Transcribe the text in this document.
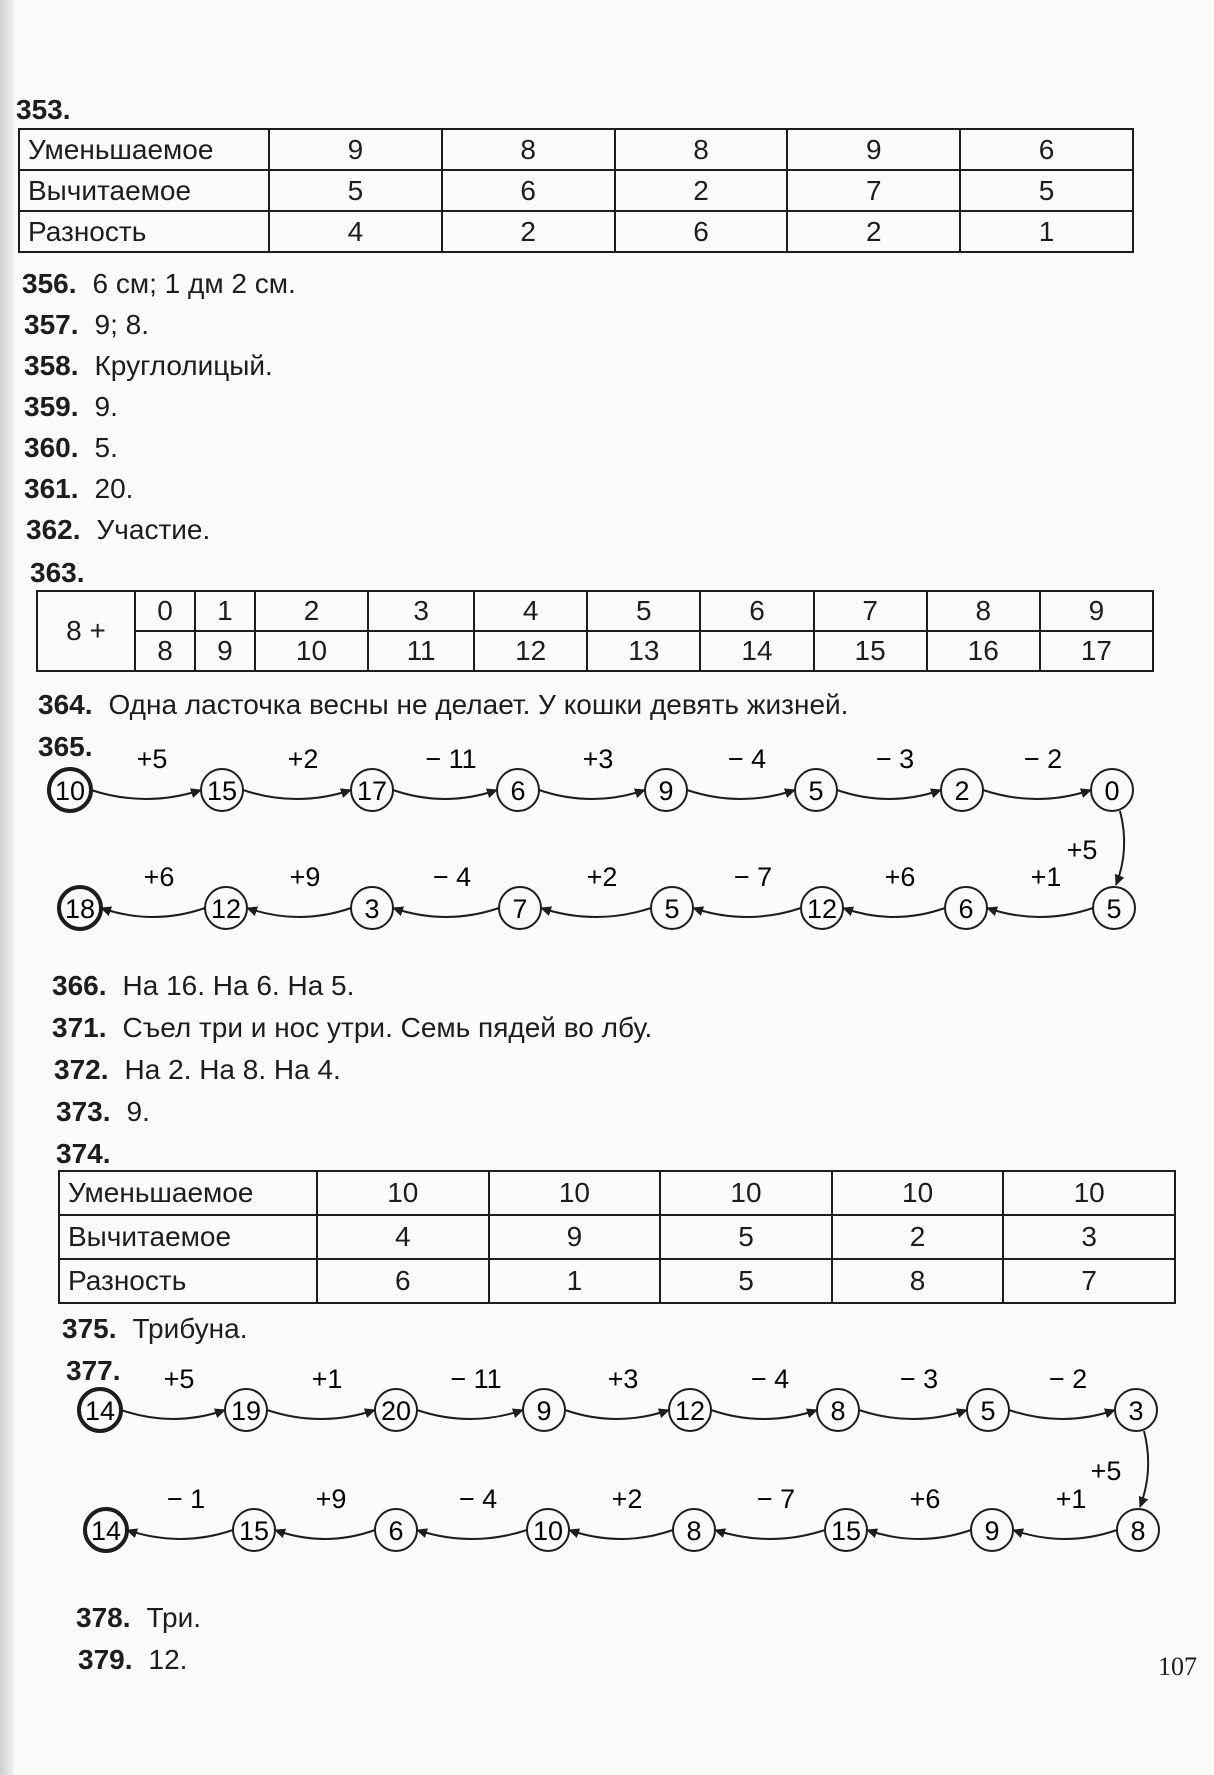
353.
Уменьшаемое	9	8	8	9	6
Вычитаемое	5	6	2	7	5
Разность	4	2	6	2	1
356. 6 см; 1 дм 2 см.
357. 9; 8.
358. Круглолицый.
359. 9.
360. 5.
361. 20.
362. Участие.
363.
8 +	0	1	2	3	4	5	6	7	8	9
	8	9	10	11	12	13	14	15	16	17
364. Одна ласточка весны не делает. У кошки девять жизней.
365. +5	+2	− 11	+3	− 4	− 3	− 2
+5
+1
+6
− 7
+2
− 4
+9
+6
10	15	17	6	9	5	2	0
5
6
12
5
7
3
12
18
366. На 16. На 6. На 5.
371. Съел три и нос утри. Семь пядей во лбу.
372. На 2. На 8. На 4.
373. 9.
374.
Уменьшаемое	10	10	10	10	10
Вычитаемое	4	9	5	2	3
Разность	6	1	5	8	7
375. Трибуна.
377. +5	+1	− 11	+3	− 4	− 3	− 2
+5
+1
+6
− 7
+2
− 4
+9
− 1
14	19	20	9	12	8	5	3
8
9
15
8
10
6
15
14
378. Три.
379. 12.	107
